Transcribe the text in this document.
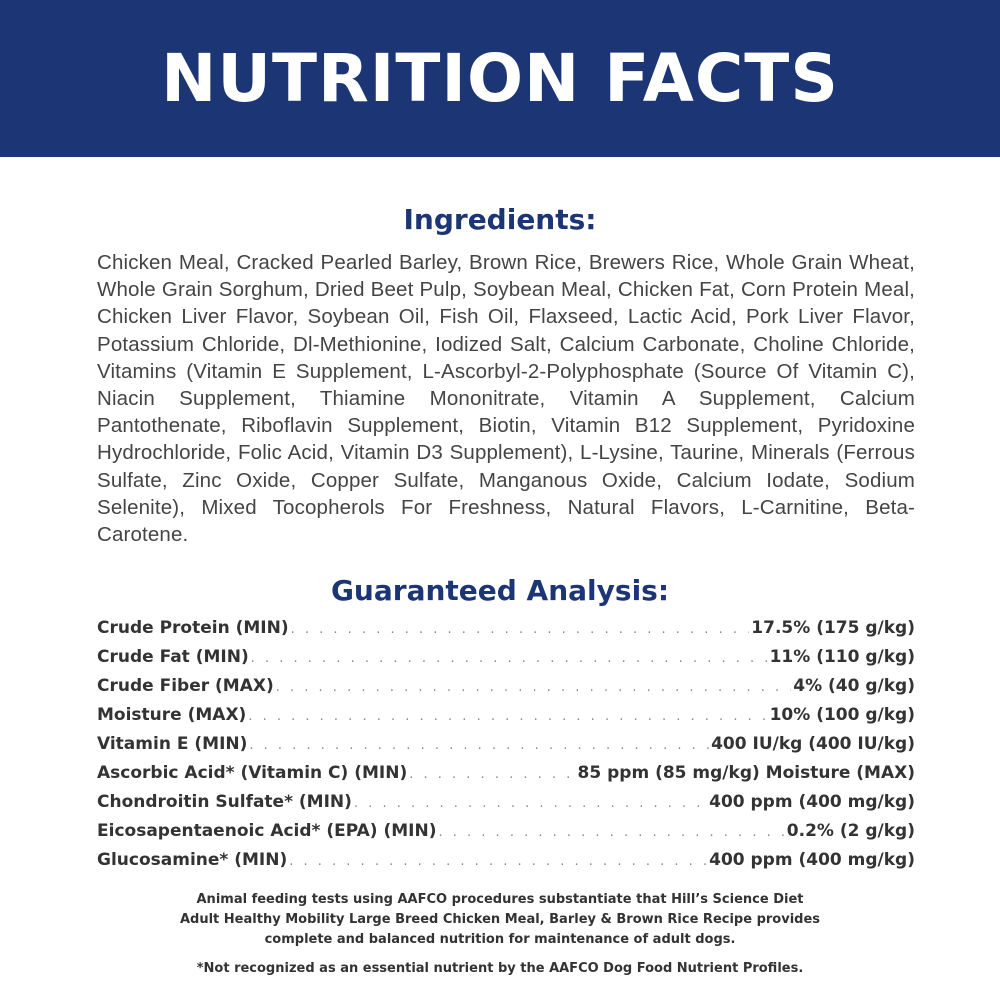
NUTRITION FACTS
Ingredients:

Chicken Meal, Cracked Pearled Barley, Brown Rice, Brewers Rice, Whole Grain Wheat, Whole Grain Sorghum, Dried Beet Pulp, Soybean Meal, Chicken Fat, Corn Protein Meal, Chicken Liver Flavor, Soybean Oil, Fish Oil, Flaxseed, Lactic Acid, Pork Liver Flavor, Potassium Chloride, Dl-Methionine, Iodized Salt, Calcium Carbonate, Choline Chloride, Vitamins (Vitamin E Supplement, L-Ascorbyl-2-Polyphosphate (Source Of Vitamin C), Niacin Supplement, Thiamine Mononitrate, Vitamin A Supplement, Calcium Pantothenate, Riboflavin Supplement, Biotin, Vitamin B12 Supplement, Pyridoxine Hydrochloride, Folic Acid, Vitamin D3 Supplement), L-Lysine, Taurine, Minerals (Ferrous Sulfate, Zinc Oxide, Copper Sulfate, Manganous Oxide, Calcium Iodate, Sodium Selenite), Mixed Tocopherols For Freshness, Natural Flavors, L-Carnitine, Beta-Carotene.

Guaranteed Analysis:
Crude Protein (MIN) . . .	17.5% (175 g/kg)
Crude Fat (MIN) . . .	11% (110 g/kg)
Crude Fiber (MAX) . . .	4% (40 g/kg)
Moisture (MAX) . . .	10% (100 g/kg)
Vitamin E (MIN) . . .	400 IU/kg (400 IU/kg)
Ascorbic Acid* (Vitamin C) (MIN) . . .	85 ppm (85 mg/kg) Moisture (MAX)
Chondroitin Sulfate* (MIN) . . .	400 ppm (400 mg/kg)
Eicosapentaenoic Acid* (EPA) (MIN) . . .	0.2% (2 g/kg)
Glucosamine* (MIN) . . .	400 ppm (400 mg/kg)
Animal feeding tests using AAFCO procedures substantiate that Hill’s Science Diet
Adult Healthy Mobility Large Breed Chicken Meal, Barley & Brown Rice Recipe provides
complete and balanced nutrition for maintenance of adult dogs.

*Not recognized as an essential nutrient by the AAFCO Dog Food Nutrient Profiles.
